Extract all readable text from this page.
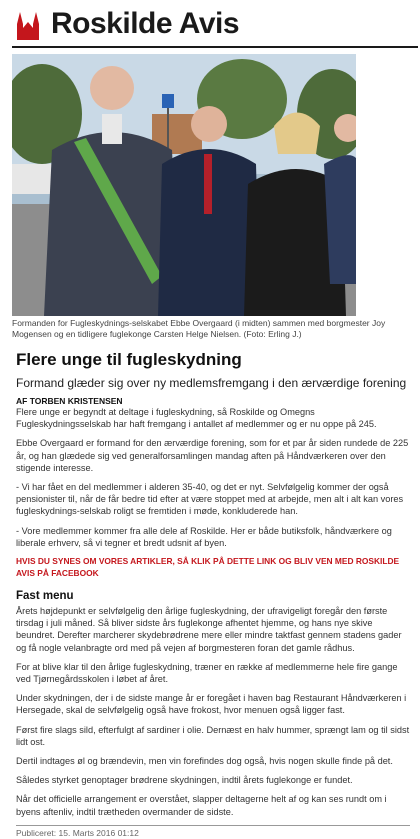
Roskilde Avis
Formanden for Fugleskydnings-selskabet Ebbe Overgaard (i midten) sammen med borgmester Joy Mogensen og en tidligere fuglekonge Carsten Helge Nielsen. (Foto: Erling J.)
Flere unge til fugleskydning

Formand glæder sig over ny medlemsfremgang i den ærværdige forening

AF TORBEN KRISTENSEN

Flere unge er begyndt at deltage i fugleskydning, så Roskilde og Omegns Fugleskydningsselskab har haft fremgang i antallet af medlemmer og er nu oppe på 245.

Ebbe Overgaard er formand for den ærværdige forening, som for et par år siden rundede de 225 år, og han glædede sig ved generalforsamlingen mandag aften på Håndværkeren over den stigende interesse.

- Vi har fået en del medlemmer i alderen 35-40, og det er nyt. Selvfølgelig kommer der også pensionister til, når de får bedre tid efter at være stoppet med at arbejde, men alt i alt kan vores fugleskydnings-selskab roligt se fremtiden i møde, konkluderede han.

- Vore medlemmer kommer fra alle dele af Roskilde. Her er både butiksfolk, håndværkere og liberale erhverv, så vi tegner et bredt udsnit af byen.

HVIS DU SYNES OM VORES ARTIKLER, SÅ KLIK PÅ DETTE LINK OG BLIV VEN MED ROSKILDE AVIS PÅ FACEBOOK
Fast menu

Årets højdepunkt er selvfølgelig den årlige fugleskydning, der ufravigeligt foregår den første tirsdag i juli måned. Så bliver sidste års fuglekonge afhentet hjemme, og hans nye skive beundret. Derefter marcherer skydebrødrene mere eller mindre taktfast gennem stadens gader og få nogle velanbragte ord med på vejen af borgmesteren foran det gamle rådhus.

For at blive klar til den årlige fugleskydning, træner en række af medlemmerne hele fire gange ved Tjørnegårdsskolen i løbet af året.

Under skydningen, der i de sidste mange år er foregået i haven bag Restaurant Håndværkeren i Hersegade, skal de selvfølgelig også have frokost, hvor menuen også ligger fast.

Først fire slags sild, efterfulgt af sardiner i olie. Dernæst en halv hummer, sprængt lam og til sidst lidt ost.

Dertil indtages øl og brændevin, men vin forefindes dog også, hvis nogen skulle finde på det.

Således styrket genoptager brødrene skydningen, indtil årets fuglekonge er fundet.

Når det officielle arrangement er overstået, slapper deltagerne helt af og kan ses rundt om i byens aftenliv, indtil trætheden overmander de sidste.

Publiceret: 15. Marts 2016 01:12
